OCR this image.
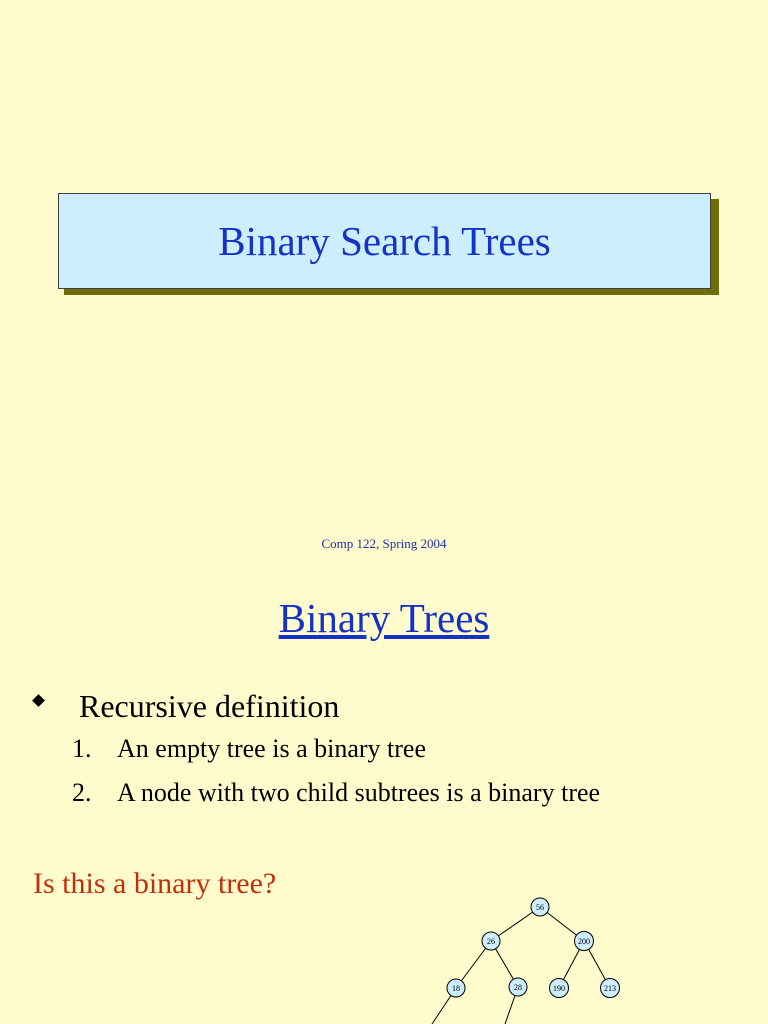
Binary Search Trees
Comp 122, Spring 2004
Binary Trees
Recursive definition
1. An empty tree is a binary tree
2. A node with two child subtrees is a binary tree
Is this a binary tree?
56
26	200
18	28	190	213
